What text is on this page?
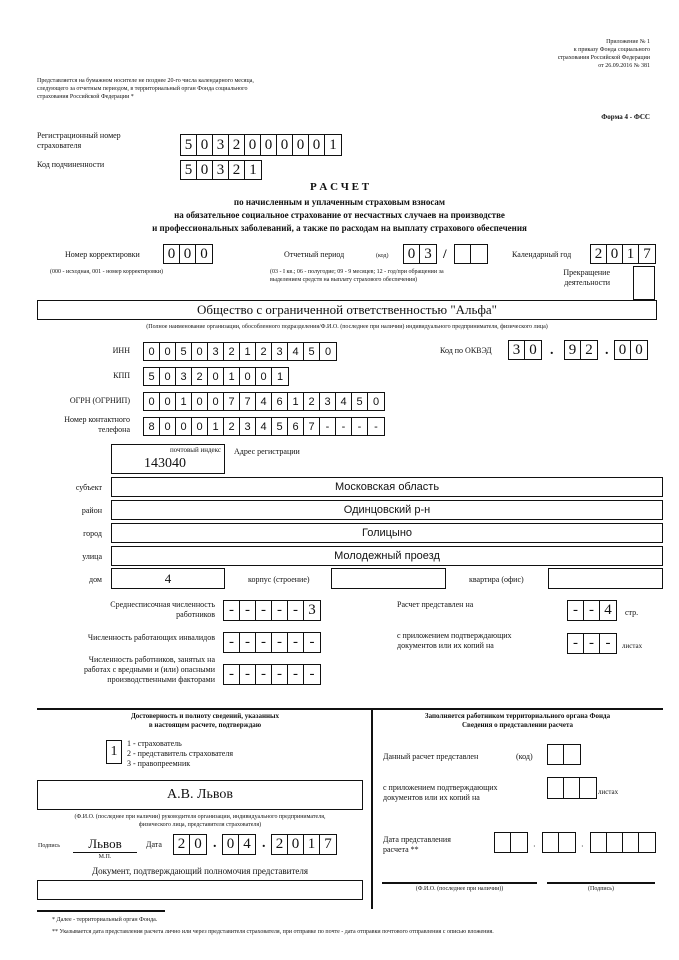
Приложение № 1
к приказу Фонда социального
страхования Российской Федерации
от 26.09.2016 № 381
Представляется на бумажном носителе не позднее 20-го числа календарного месяца,
следующего за отчетным периодом, в территориальный орган Фонда социального
страхования Российской Федерации *
Форма 4 - ФСС
Регистрационный номер
страхователя	5 0 3 2 0 0 0 0 0 1
Код подчиненности	5 0 3 2 1
Р А С Ч Е Т
по начисленным и уплаченным страховым взносам
на обязательное социальное страхование от несчастных случаев на производстве
и профессиональных заболеваний, а также по расходам на выплату страхового обеспечения
Номер корректировки 0 0 0
(000 - исходная, 001 - номер корректировки)
Отчетный период	(код) 0 3 /
(03 - I кв.; 06 - полугодие; 09 - 9 месяцев; 12 - год/при обращении за
выделением средств на выплату страхового обеспечения)
Календарный год 2 0 1 7
Прекращение
деятельности
Общество с ограниченной ответственностью "Альфа"
(Полное наименование организации, обособленного подразделения/Ф.И.О. (последнее при наличии) индивидуального предпринимателя, физического лица)
ИНН	0 0 5 0 3 2 1 2 3 4 5 0	Код по ОКВЭД 3 0 . 9 2 . 0 0
КПП	5 0 3 2 0 1 0 0 1
ОГРН (ОГРНИП)	0 0 1 0 0 7 7 4 6 1 2 3 4 5 0
Номер контактного
телефона	8 0 0 0 1 2 3 4 5 6 7	-	-	-	-
почтовый индекс
143040
Адрес регистрации
субъект	Московская область
район	Одинцовский р-н
город	Голицыно
улица	Молодежный проезд
дом	4	корпус (строение)	квартира (офис)
Среднесписочная численность
работников - - - - - 3
Численность работающих инвалидов - - - - - -
Численность работников, занятых на
работах с вредными и (или) опасными
производственными факторами - - - - - -
Расчет представлен на	- - 4	стр.
с приложением подтверждающих
документов или их копий на	- - -	листах
Достоверность и полноту сведений, указанных
в настоящем расчете, подтверждаю
1
1 - страхователь
2 - представитель страхователя
3 - правопреемник
А.В. Львов
(Ф.И.О. (последнее при наличии) руководителя организации, индивидуального предпринимателя,
физического лица, представителя страхователя)
Подпись	Львов
М.П.
Дата 2 0 . 0 4 . 2 0 1 7
Документ, подтверждающий полномочия представителя
Заполняется работником территориального органа Фонда
Сведения о представлении расчета
Данный расчет представлен	(код)
с приложением подтверждающих
документов или их копий на
листах
Дата представления
расчета **	·	·
(Ф.И.О. (последнее при наличии))	(Подпись)
* Далее - территориальный орган Фонда.
** Указывается дата представления расчета лично или через представителя страхователя, при отправке по почте - дата отправки почтового отправления с описью вложения.
